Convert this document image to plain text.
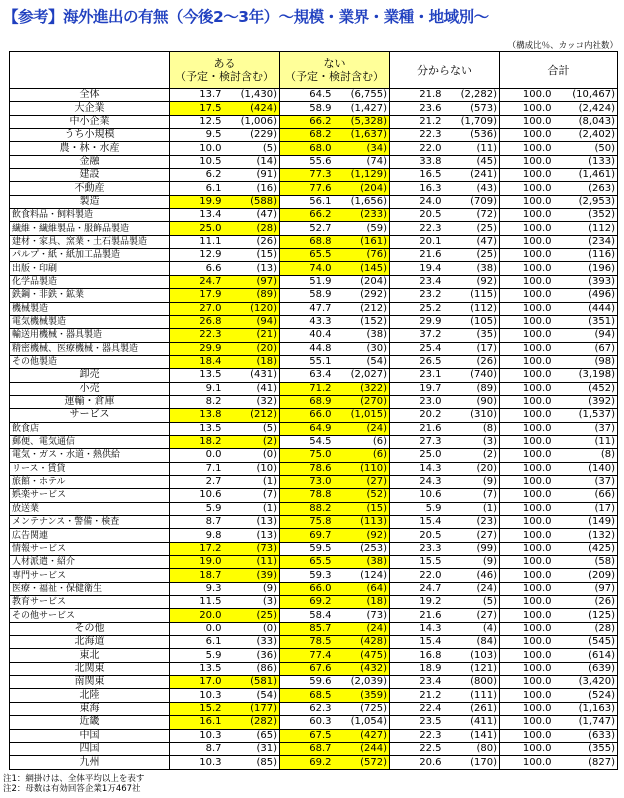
【参考】海外進出の有無（今後2〜3年）〜規模・業界・業種・地域別〜
（構成比％、カッコ内社数）
	ある
（予定・検討含む）		ない
（予定・検討含む）		分からない		合計	
全体	13.7	(1,430)	64.5	(6,755)	21.8	(2,282)	100.0	(10,467)
大企業	17.5	(424)	58.9	(1,427)	23.6	(573)	100.0	(2,424)
中小企業	12.5	(1,006)	66.2	(5,328)	21.2	(1,709)	100.0	(8,043)
うち小規模	9.5	(229)	68.2	(1,637)	22.3	(536)	100.0	(2,402)
農・林・水産	10.0	(5)	68.0	(34)	22.0	(11)	100.0	(50)
金融	10.5	(14)	55.6	(74)	33.8	(45)	100.0	(133)
建設	6.2	(91)	77.3	(1,129)	16.5	(241)	100.0	(1,461)
不動産	6.1	(16)	77.6	(204)	16.3	(43)	100.0	(263)
製造	19.9	(588)	56.1	(1,656)	24.0	(709)	100.0	(2,953)
飲食料品・飼料製造	13.4	(47)	66.2	(233)	20.5	(72)	100.0	(352)
繊維・繊維製品・服飾品製造	25.0	(28)	52.7	(59)	22.3	(25)	100.0	(112)
建材・家具、窯業・土石製品製造	11.1	(26)	68.8	(161)	20.1	(47)	100.0	(234)
パルプ・紙・紙加工品製造	12.9	(15)	65.5	(76)	21.6	(25)	100.0	(116)
出版・印刷	6.6	(13)	74.0	(145)	19.4	(38)	100.0	(196)
化学品製造	24.7	(97)	51.9	(204)	23.4	(92)	100.0	(393)
鉄鋼・非鉄・鉱業	17.9	(89)	58.9	(292)	23.2	(115)	100.0	(496)
機械製造	27.0	(120)	47.7	(212)	25.2	(112)	100.0	(444)
電気機械製造	26.8	(94)	43.3	(152)	29.9	(105)	100.0	(351)
輸送用機械・器具製造	22.3	(21)	40.4	(38)	37.2	(35)	100.0	(94)
精密機械、医療機械・器具製造	29.9	(20)	44.8	(30)	25.4	(17)	100.0	(67)
その他製造	18.4	(18)	55.1	(54)	26.5	(26)	100.0	(98)
卸売	13.5	(431)	63.4	(2,027)	23.1	(740)	100.0	(3,198)
小売	9.1	(41)	71.2	(322)	19.7	(89)	100.0	(452)
運輸・倉庫	8.2	(32)	68.9	(270)	23.0	(90)	100.0	(392)
サービス	13.8	(212)	66.0	(1,015)	20.2	(310)	100.0	(1,537)
飲食店	13.5	(5)	64.9	(24)	21.6	(8)	100.0	(37)
郵便、電気通信	18.2	(2)	54.5	(6)	27.3	(3)	100.0	(11)
電気・ガス・水道・熱供給	0.0	(0)	75.0	(6)	25.0	(2)	100.0	(8)
リース・賃貸	7.1	(10)	78.6	(110)	14.3	(20)	100.0	(140)
旅館・ホテル	2.7	(1)	73.0	(27)	24.3	(9)	100.0	(37)
娯楽サービス	10.6	(7)	78.8	(52)	10.6	(7)	100.0	(66)
放送業	5.9	(1)	88.2	(15)	5.9	(1)	100.0	(17)
メンテナンス・警備・検査	8.7	(13)	75.8	(113)	15.4	(23)	100.0	(149)
広告関連	9.8	(13)	69.7	(92)	20.5	(27)	100.0	(132)
情報サービス	17.2	(73)	59.5	(253)	23.3	(99)	100.0	(425)
人材派遣・紹介	19.0	(11)	65.5	(38)	15.5	(9)	100.0	(58)
専門サービス	18.7	(39)	59.3	(124)	22.0	(46)	100.0	(209)
医療・福祉・保健衛生	9.3	(9)	66.0	(64)	24.7	(24)	100.0	(97)
教育サービス	11.5	(3)	69.2	(18)	19.2	(5)	100.0	(26)
その他サービス	20.0	(25)	58.4	(73)	21.6	(27)	100.0	(125)
その他	0.0	(0)	85.7	(24)	14.3	(4)	100.0	(28)
北海道	6.1	(33)	78.5	(428)	15.4	(84)	100.0	(545)
東北	5.9	(36)	77.4	(475)	16.8	(103)	100.0	(614)
北関東	13.5	(86)	67.6	(432)	18.9	(121)	100.0	(639)
南関東	17.0	(581)	59.6	(2,039)	23.4	(800)	100.0	(3,420)
北陸	10.3	(54)	68.5	(359)	21.2	(111)	100.0	(524)
東海	15.2	(177)	62.3	(725)	22.4	(261)	100.0	(1,163)
近畿	16.1	(282)	60.3	(1,054)	23.5	(411)	100.0	(1,747)
中国	10.3	(65)	67.5	(427)	22.3	(141)	100.0	(633)
四国	8.7	(31)	68.7	(244)	22.5	(80)	100.0	(355)
九州	10.3	(85)	69.2	(572)	20.6	(170)	100.0	(827)
注1：網掛けは、全体平均以上を表す
注2：母数は有効回答企業1万467社
